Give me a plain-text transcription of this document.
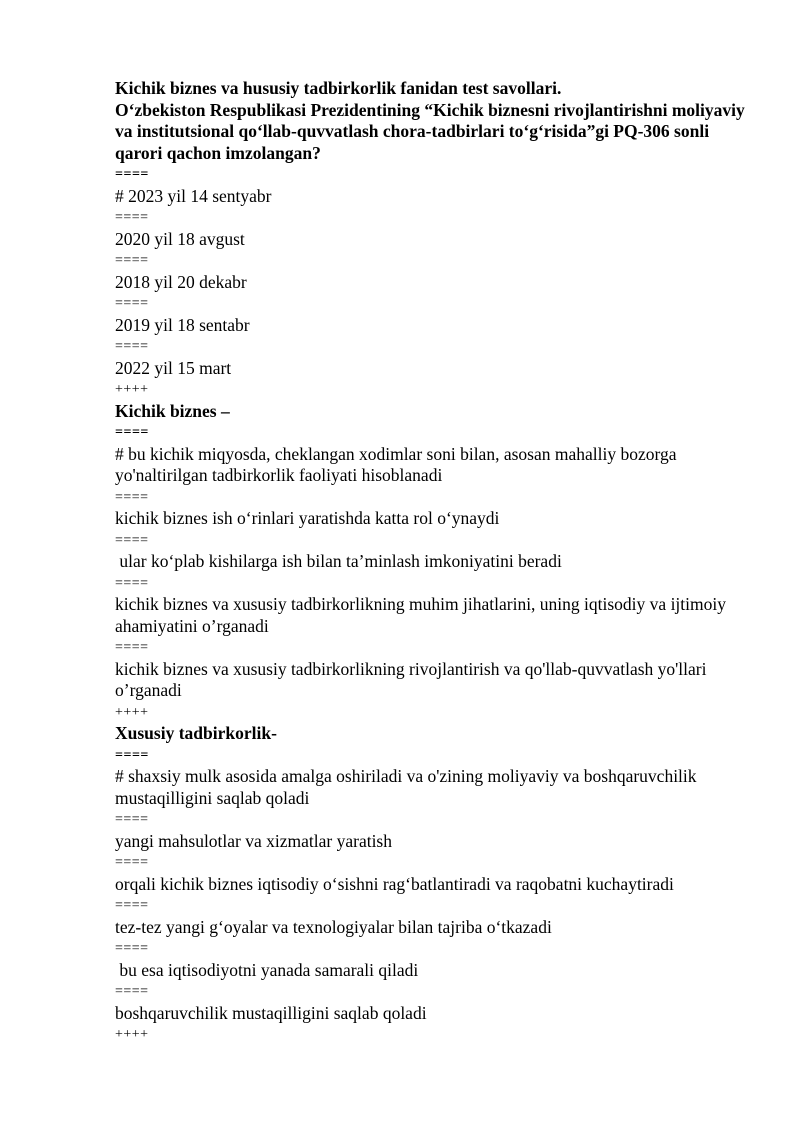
Kichik biznes va hususiy tadbirkorlik fanidan test savollari.

O‘zbekiston Respublikasi Prezidentining “Kichik biznesni rivojlantirishni moliyaviy va institutsional qo‘llab-quvvatlash chora-tadbirlari to‘g‘risida”gi PQ-306 sonli qarori qachon imzolangan?

====

# 2023 yil 14 sentyabr

====

2020 yil 18 avgust

====

2018 yil 20 dekabr

====

2019 yil 18 sentabr

====

2022 yil 15 mart

++++

Kichik biznes –

====

# bu kichik miqyosda, cheklangan xodimlar soni bilan, asosan mahalliy bozorga yo'naltirilgan tadbirkorlik faoliyati hisoblanadi

====

kichik biznes ish o‘rinlari yaratishda katta rol o‘ynaydi

====

ular ko‘plab kishilarga ish bilan ta’minlash imkoniyatini beradi

====

kichik biznes va xususiy tadbirkorlikning muhim jihatlarini, uning iqtisodiy va ijtimoiy ahamiyatini o’rganadi

====

kichik biznes va xususiy tadbirkorlikning rivojlantirish va qo'llab-quvvatlash yo'llari o’rganadi

++++

Xususiy tadbirkorlik-

====

# shaxsiy mulk asosida amalga oshiriladi va o'zining moliyaviy va boshqaruvchilik mustaqilligini saqlab qoladi

====

yangi mahsulotlar va xizmatlar yaratish

====

orqali kichik biznes iqtisodiy o‘sishni rag‘batlantiradi va raqobatni kuchaytiradi

====

tez-tez yangi g‘oyalar va texnologiyalar bilan tajriba o‘tkazadi

====

bu esa iqtisodiyotni yanada samarali qiladi

====

boshqaruvchilik mustaqilligini saqlab qoladi

++++
